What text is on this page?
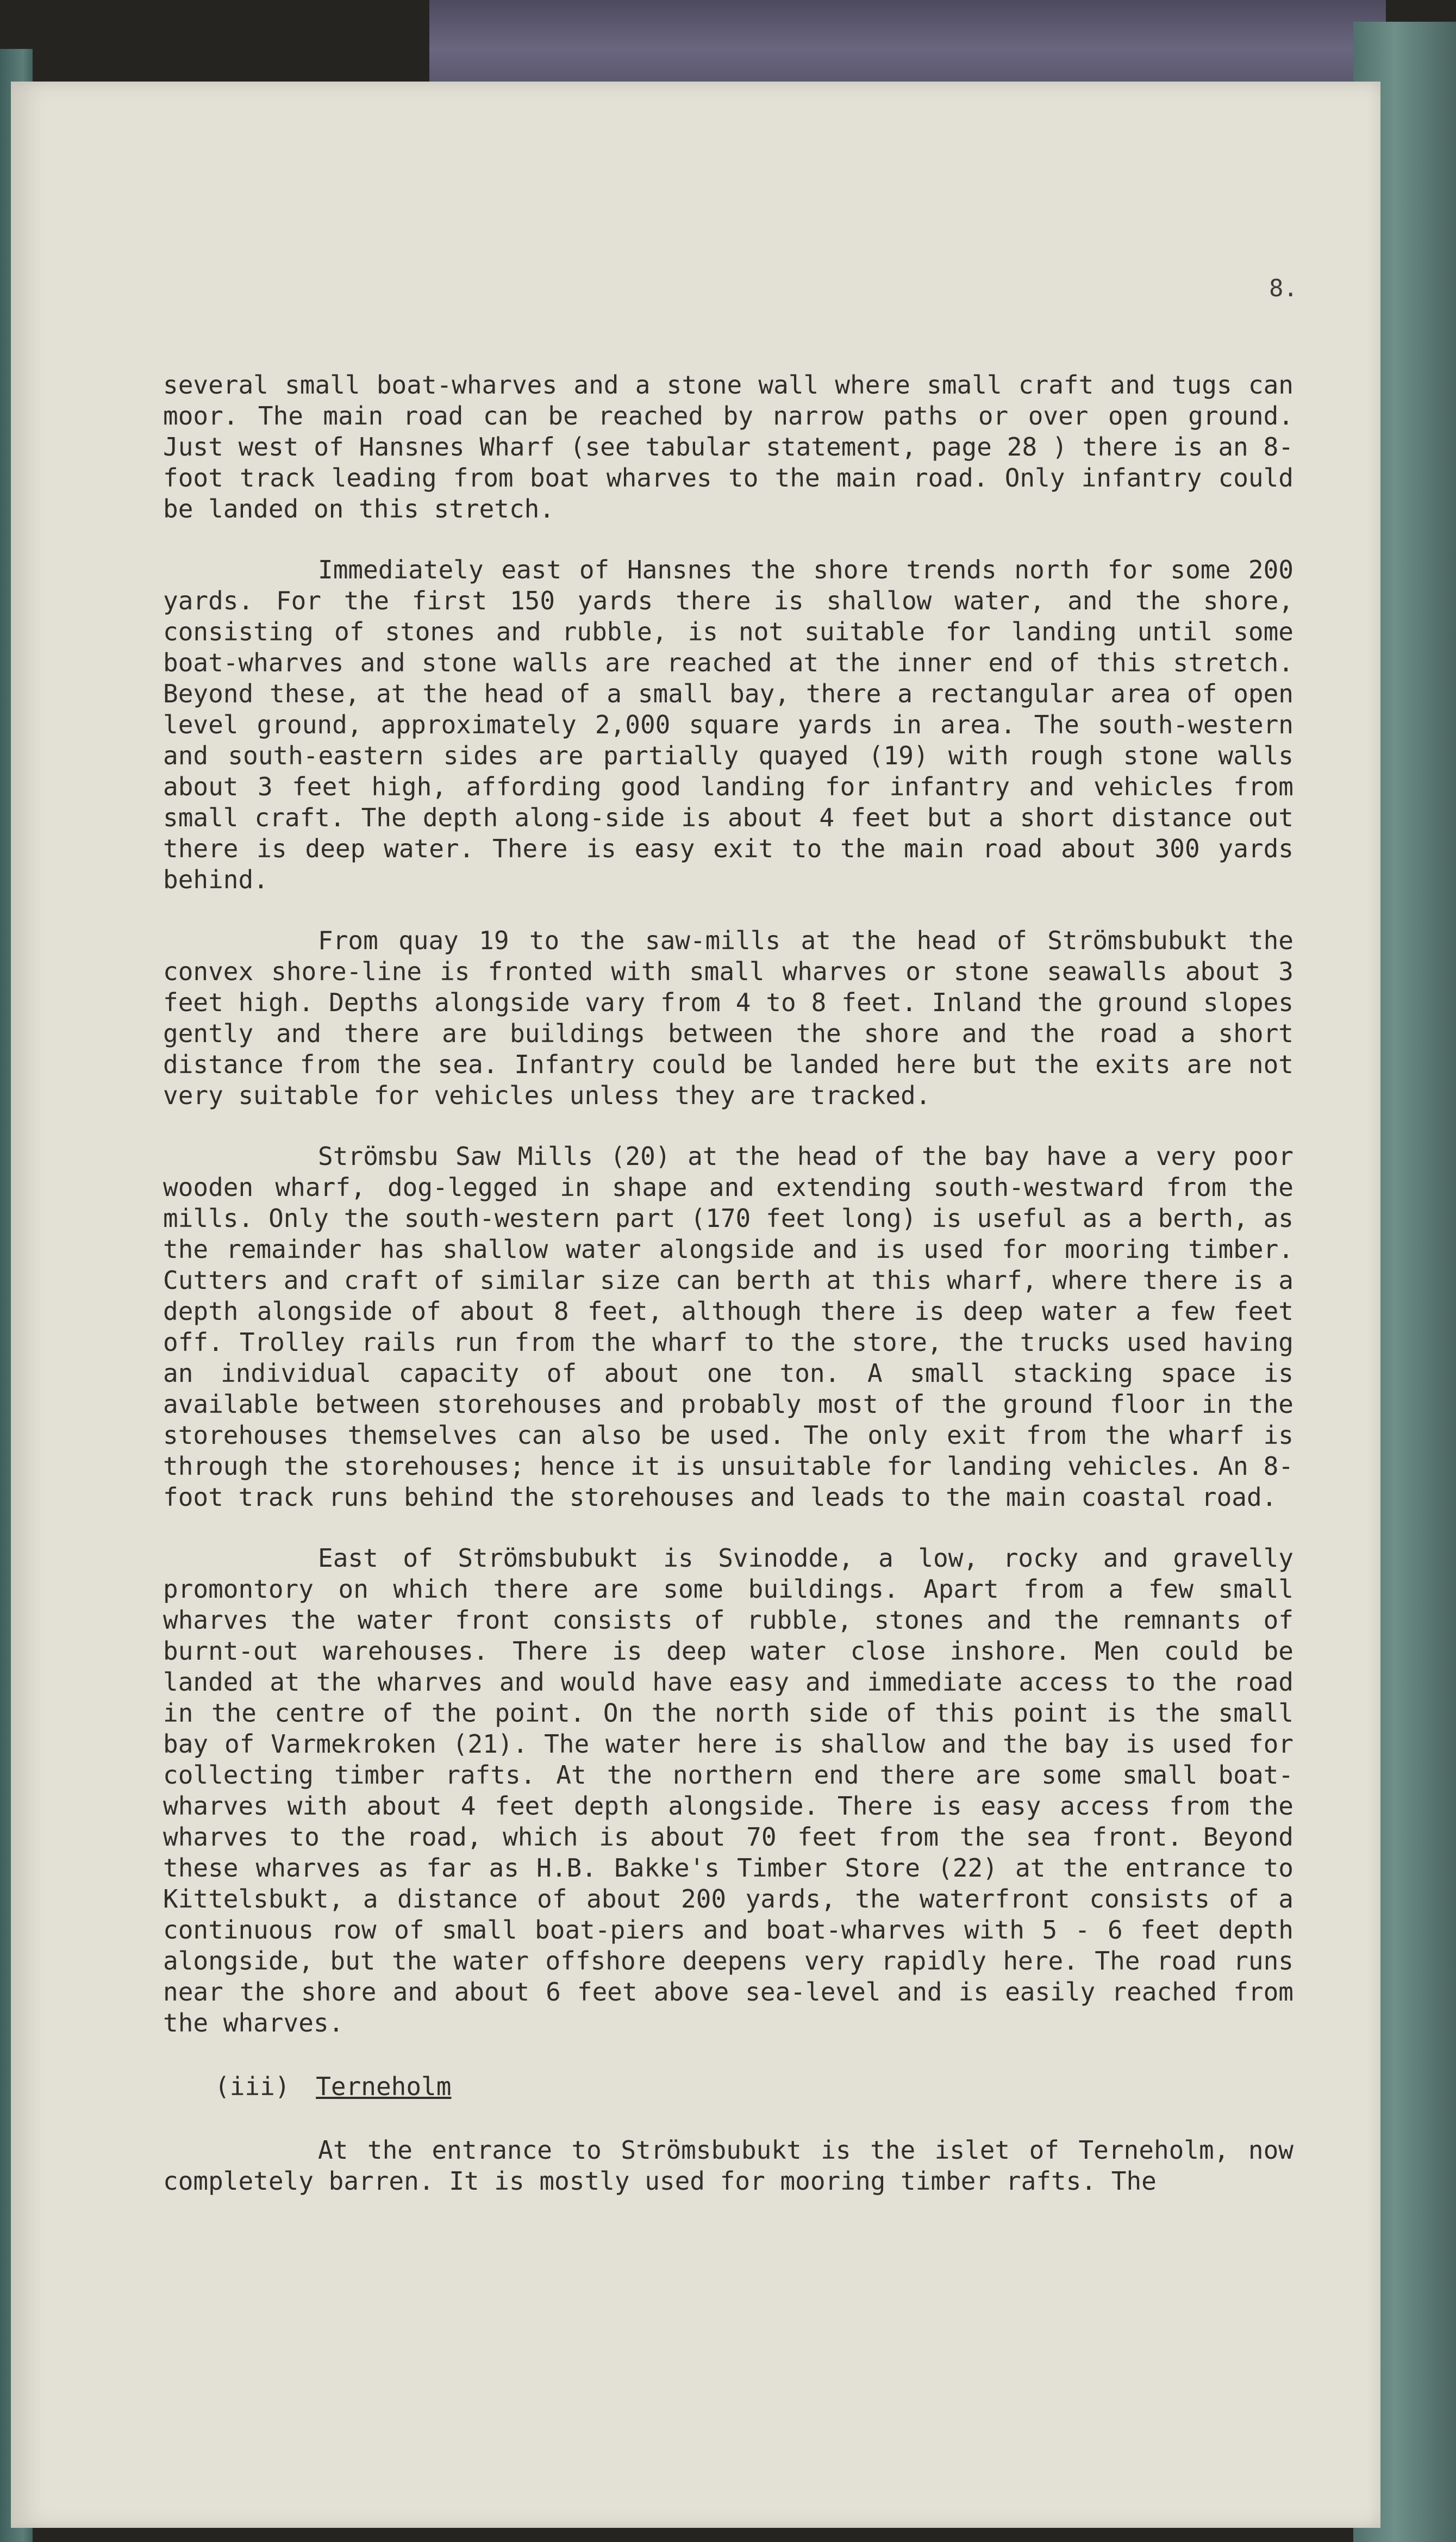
8.

several small boat-wharves and a stone wall where small craft and tugs can moor. The main road can be reached by narrow paths or over open ground. Just west of Hansnes Wharf (see tabular statement, page 28 ) there is an 8-foot track leading from boat wharves to the main road. Only infantry could be landed on this stretch.

Immediately east of Hansnes the shore trends north for some 200 yards. For the first 150 yards there is shallow water, and the shore, consisting of stones and rubble, is not suitable for landing until some boat-wharves and stone walls are reached at the inner end of this stretch. Beyond these, at the head of a small bay, there a rectangular area of open level ground, approximately 2,000 square yards in area. The south-western and south-eastern sides are partially quayed (19) with rough stone walls about 3 feet high, affording good landing for infantry and vehicles from small craft. The depth along-side is about 4 feet but a short distance out there is deep water. There is easy exit to the main road about 300 yards behind.

From quay 19 to the saw-mills at the head of Strömsbubukt the convex shore-line is fronted with small wharves or stone seawalls about 3 feet high. Depths alongside vary from 4 to 8 feet. Inland the ground slopes gently and there are buildings between the shore and the road a short distance from the sea. Infantry could be landed here but the exits are not very suitable for vehicles unless they are tracked.

Strömsbu Saw Mills (20) at the head of the bay have a very poor wooden wharf, dog-legged in shape and extending south-westward from the mills. Only the south-western part (170 feet long) is useful as a berth, as the remainder has shallow water alongside and is used for mooring timber. Cutters and craft of similar size can berth at this wharf, where there is a depth alongside of about 8 feet, although there is deep water a few feet off. Trolley rails run from the wharf to the store, the trucks used having an individual capacity of about one ton. A small stacking space is available between storehouses and probably most of the ground floor in the storehouses themselves can also be used. The only exit from the wharf is through the storehouses; hence it is unsuitable for landing vehicles. An 8-foot track runs behind the storehouses and leads to the main coastal road.

East of Strömsbubukt is Svinodde, a low, rocky and gravelly promontory on which there are some buildings. Apart from a few small wharves the water front consists of rubble, stones and the remnants of burnt-out warehouses. There is deep water close inshore. Men could be landed at the wharves and would have easy and immediate access to the road in the centre of the point. On the north side of this point is the small bay of Varmekroken (21). The water here is shallow and the bay is used for collecting timber rafts. At the northern end there are some small boat-wharves with about 4 feet depth alongside. There is easy access from the wharves to the road, which is about 70 feet from the sea front. Beyond these wharves as far as H.B. Bakke's Timber Store (22) at the entrance to Kittelsbukt, a distance of about 200 yards, the waterfront consists of a continuous row of small boat-piers and boat-wharves with 5 - 6 feet depth alongside, but the water offshore deepens very rapidly here. The road runs near the shore and about 6 feet above sea-level and is easily reached from the wharves.

(iii) Terneholm

At the entrance to Strömsbubukt is the islet of Terneholm, now completely barren. It is mostly used for mooring timber rafts. The
